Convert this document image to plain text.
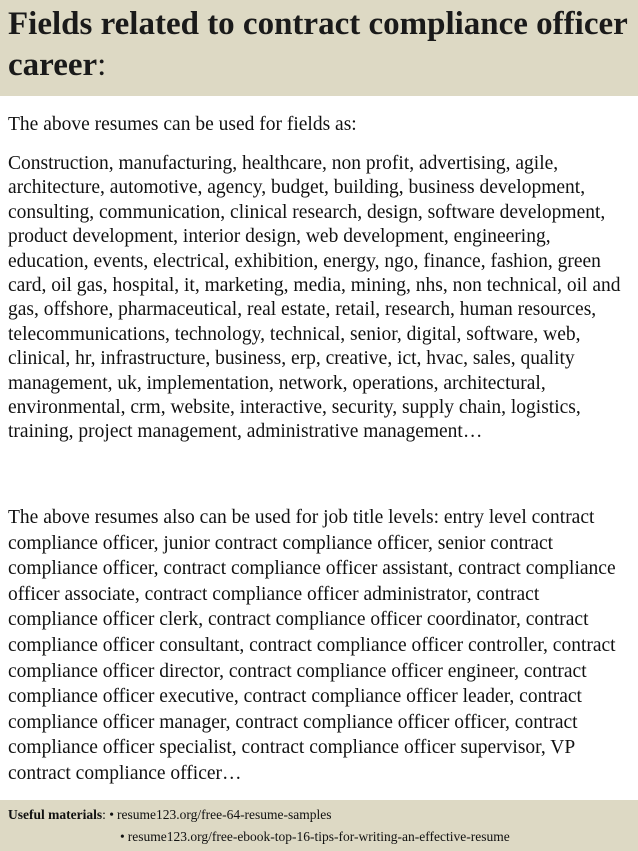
Fields related to contract compliance officer career:

The above resumes can be used for fields as:

Construction, manufacturing, healthcare, non profit, advertising, agile, architecture, automotive, agency, budget, building, business development, consulting, communication, clinical research, design, software development, product development, interior design, web development, engineering, education, events, electrical, exhibition, energy, ngo, finance, fashion, green card, oil gas, hospital, it, marketing, media, mining, nhs, non technical, oil and gas, offshore, pharmaceutical, real estate, retail, research, human resources, telecommunications, technology, technical, senior, digital, software, web, clinical, hr, infrastructure, business, erp, creative, ict, hvac, sales, quality management, uk, implementation, network, operations, architectural, environmental, crm, website, interactive, security, supply chain, logistics, training, project management, administrative management…

The above resumes also can be used for job title levels: entry level contract compliance officer, junior contract compliance officer, senior contract compliance officer, contract compliance officer assistant, contract compliance officer associate, contract compliance officer administrator, contract compliance officer clerk, contract compliance officer coordinator, contract compliance officer consultant, contract compliance officer controller, contract compliance officer director, contract compliance officer engineer, contract compliance officer executive, contract compliance officer leader, contract compliance officer manager, contract compliance officer officer, contract compliance officer specialist, contract compliance officer supervisor, VP contract compliance officer…

Useful materials: • resume123.org/free-64-resume-samples
• resume123.org/free-ebook-top-16-tips-for-writing-an-effective-resume
